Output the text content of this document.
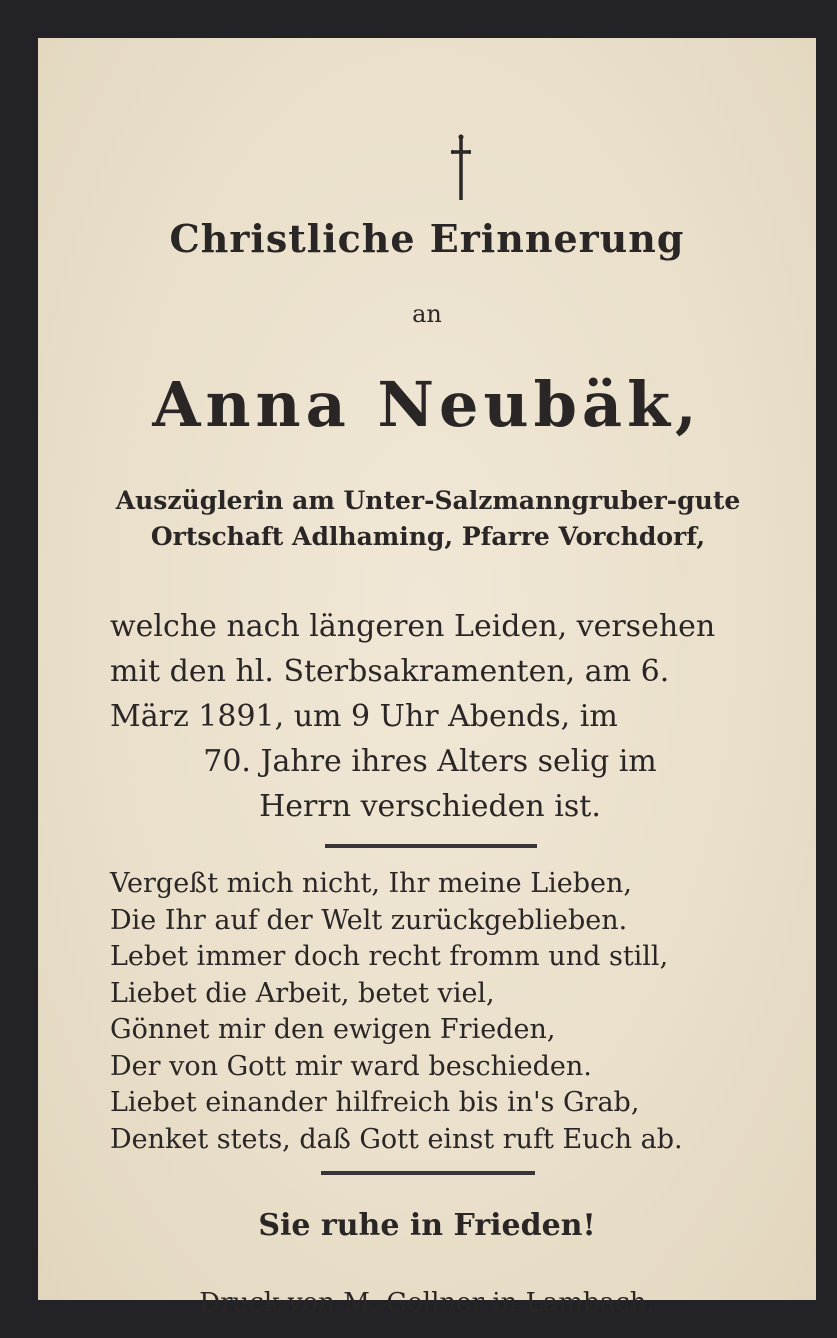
Christliche Erinnerung
an
Anna Neubäk,
Auszüglerin am Unter-Salzmanngruber-gute Ortschaft Adlhaming, Pfarre Vorchdorf,
welche nach längeren Leiden, versehen
mit den hl. Sterbsakramenten, am 6.
März 1891, um 9 Uhr Abends, im
70. Jahre ihres Alters selig im
Herrn verschieden ist.
Vergeßt mich nicht, Ihr meine Lieben,
Die Ihr auf der Welt zurückgeblieben.
Lebet immer doch recht fromm und still,
Liebet die Arbeit, betet viel,
Gönnet mir den ewigen Frieden,
Der von Gott mir ward beschieden.
Liebet einander hilfreich bis in's Grab,
Denket stets, daß Gott einst ruft Euch ab.
Sie ruhe in Frieden!
Druck von M. Gollner in Lambach.
